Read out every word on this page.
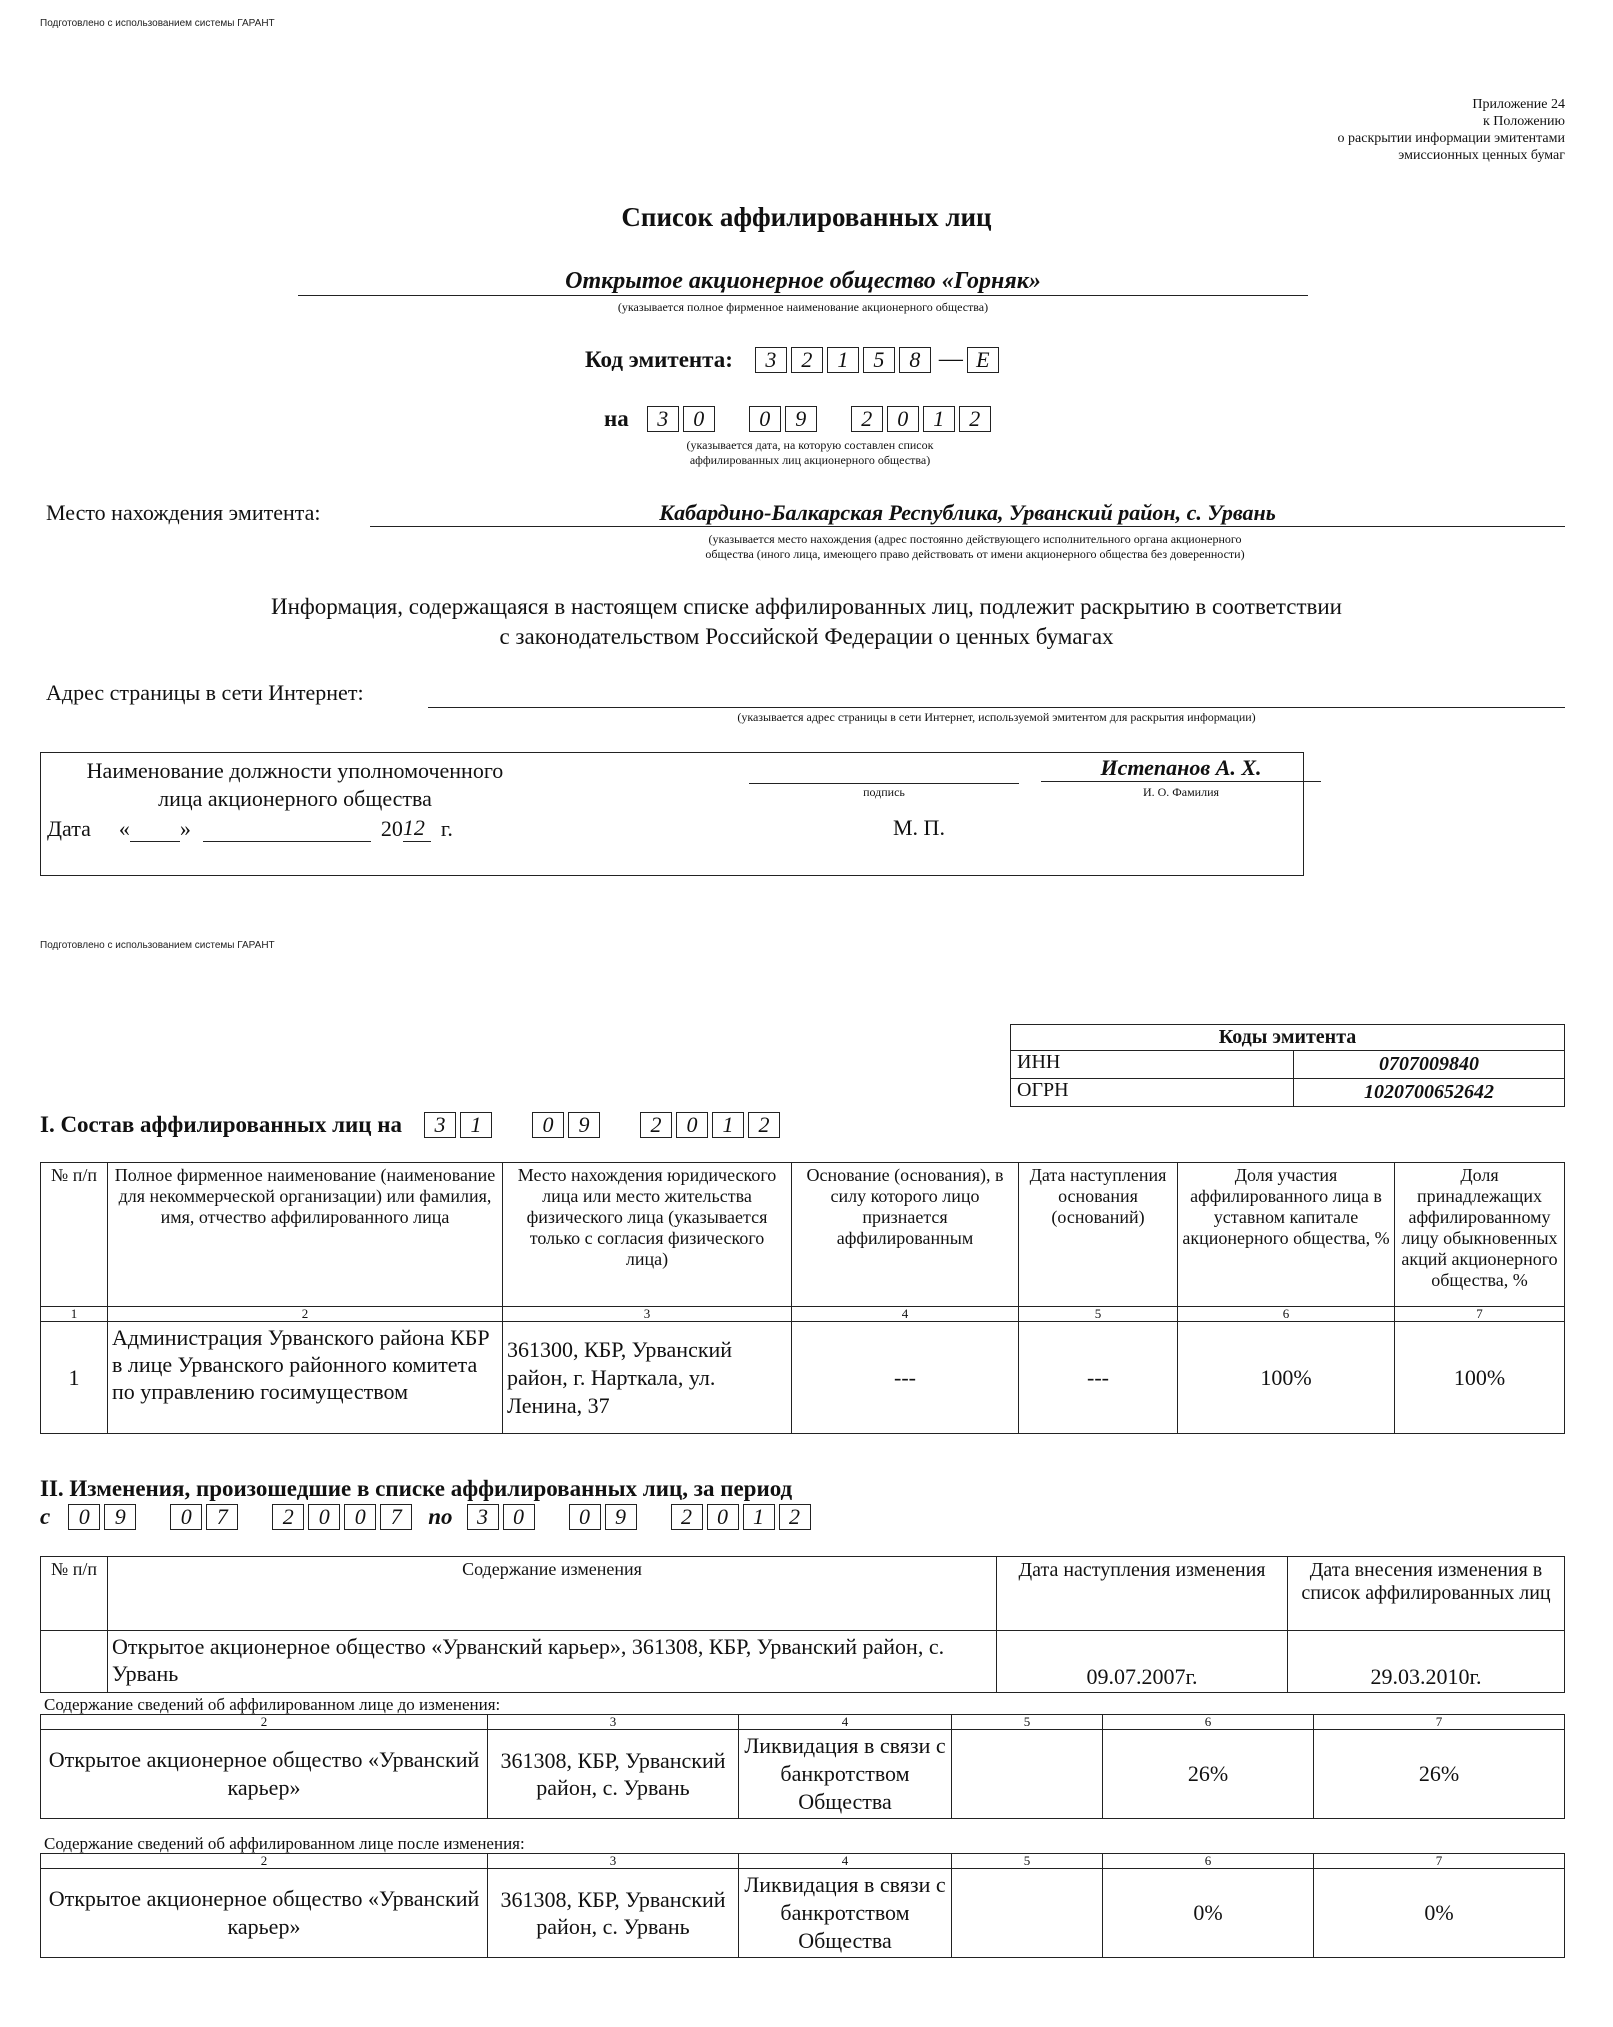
Подготовлено с использованием системы ГАРАНТ
Приложение 24
к Положению
о раскрытии информации эмитентами
эмиссионных ценных бумаг
Список аффилированных лиц
Открытое акционерное общество «Горняк»
(указывается полное фирменное наименование акционерного общества)
Код эмитента:	3	2	1	5	8 — E
на	3	0	0	9	2	0	1	2
(указывается дата, на которую составлен список
аффилированных лиц акционерного общества)
Место нахождения эмитента:	Кабардино-Балкарская Республика, Урванский район, с. Урвань
(указывается место нахождения (адрес постоянно действующего исполнительного органа акционерного
общества (иного лица, имеющего право действовать от имени акционерного общества без доверенности)
Информация, содержащаяся в настоящем списке аффилированных лиц, подлежит раскрытию в соответствии
с законодательством Российской Федерации о ценных бумагах
Адрес страницы в сети Интернет:
(указывается адрес страницы в сети Интернет, используемой эмитентом для раскрытия информации)
Наименование должности уполномоченного
лица акционерного общества
Дата « »	20 12 г.
подпись
Истепанов А. Х.
И. О. Фамилия
М. П.
Подготовлено с использованием системы ГАРАНТ
Коды эмитента	
ИНН	0707009840
ОГРН	1020700652642
I. Состав аффилированных лиц на	3	1	0	9	2	0	1	2
№ п/п	Полное фирменное наименование (наименование для некоммерческой организации) или фамилия, имя, отчество аффилированного лица	Место нахождения юридического лица или место жительства физического лица (указывается только с согласия физического лица)	Основание (основания), в силу которого лицо признается аффилированным	Дата наступления основания (оснований)	Доля участия аффилированного лица в уставном капитале акционерного общества, %	Доля принадлежащих аффилированному лицу обыкновенных акций акционерного общества, %
1	2	3	4	5	6	7
1	Администрация Урванского района КБР в лице Урванского районного комитета по управлению госимуществом	361300, КБР, Урванский район, г. Нарткала, ул. Ленина, 37	---	---	100%	100%
II. Изменения, произошедшие в списке аффилированных лиц, за период
с	0	9	0	7	2	0	0	7	по	3	0	0	9	2	0	1	2
№ п/п	Содержание изменения	Дата наступления изменения	Дата внесения изменения в список аффилированных лиц
	Открытое акционерное общество «Урванский карьер», 361308, КБР, Урванский район, с. Урвань	09.07.2007г.	29.03.2010г.
Содержание сведений об аффилированном лице до изменения:
2	3	4	5	6	7
Открытое акционерное общество «Урванский карьер»	361308, КБР, Урванский район, с. Урвань	Ликвидация в связи с банкротством Общества		26%	26%
Содержание сведений об аффилированном лице после изменения:
2	3	4	5	6	7
Открытое акционерное общество «Урванский карьер»	361308, КБР, Урванский район, с. Урвань	Ликвидация в связи с банкротством Общества		0%	0%
